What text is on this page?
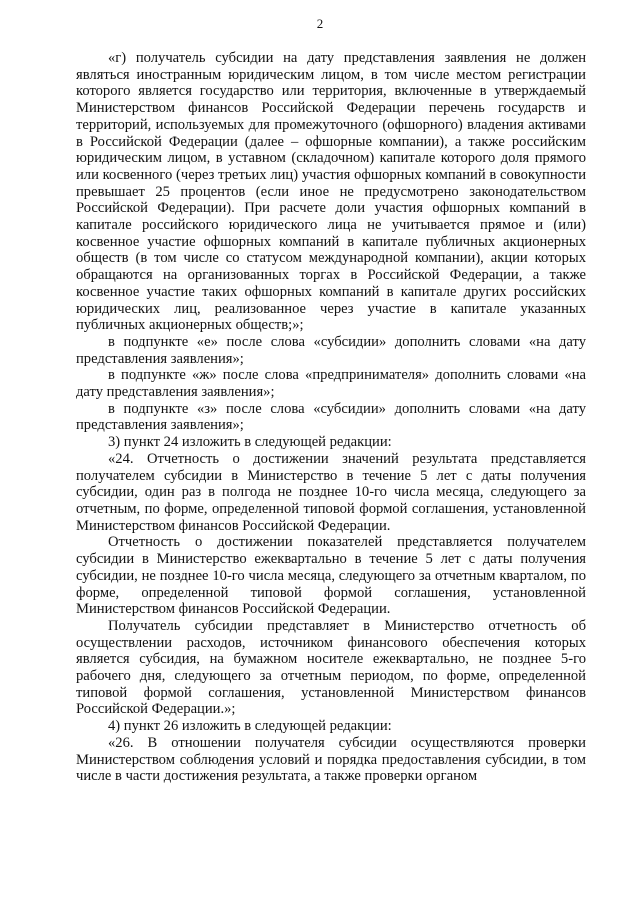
2

«г) получатель субсидии на дату представления заявления не должен являться иностранным юридическим лицом, в том числе местом регистрации которого является государство или территория, включенные в утверждаемый Министерством финансов Российской Федерации перечень государств и территорий, используемых для промежуточного (офшорного) владения активами в Российской Федерации (далее – офшорные компании), а также российским юридическим лицом, в уставном (складочном) капитале которого доля прямого или косвенного (через третьих лиц) участия офшорных компаний в совокупности превышает 25 процентов (если иное не предусмотрено законодательством Российской Федерации). При расчете доли участия офшорных компаний в капитале российского юридического лица не учитывается прямое и (или) косвенное участие офшорных компаний в капитале публичных акционерных обществ (в том числе со статусом международной компании), акции которых обращаются на организованных торгах в Российской Федерации, а также косвенное участие таких офшорных компаний в капитале других российских юридических лиц, реализованное через участие в капитале указанных публичных акционерных обществ;»;

в подпункте «е» после слова «субсидии» дополнить словами «на дату представления заявления»;

в подпункте «ж» после слова «предпринимателя» дополнить словами «на дату представления заявления»;

в подпункте «з» после слова «субсидии» дополнить словами «на дату представления заявления»;

3) пункт 24 изложить в следующей редакции:

«24. Отчетность о достижении значений результата представляется получателем субсидии в Министерство в течение 5 лет с даты получения субсидии, один раз в полгода не позднее 10-го числа месяца, следующего за отчетным, по форме, определенной типовой формой соглашения, установленной Министерством финансов Российской Федерации.

Отчетность о достижении показателей представляется получателем субсидии в Министерство ежеквартально в течение 5 лет с даты получения субсидии, не позднее 10-го числа месяца, следующего за отчетным кварталом, по форме, определенной типовой формой соглашения, установленной Министерством финансов Российской Федерации.

Получатель субсидии представляет в Министерство отчетность об осуществлении расходов, источником финансового обеспечения которых является субсидия, на бумажном носителе ежеквартально, не позднее 5-го рабочего дня, следующего за отчетным периодом, по форме, определенной типовой формой соглашения, установленной Министерством финансов Российской Федерации.»;

4) пункт 26 изложить в следующей редакции:

«26. В отношении получателя субсидии осуществляются проверки Министерством соблюдения условий и порядка предоставления субсидии, в том числе в части достижения результата, а также проверки органом
